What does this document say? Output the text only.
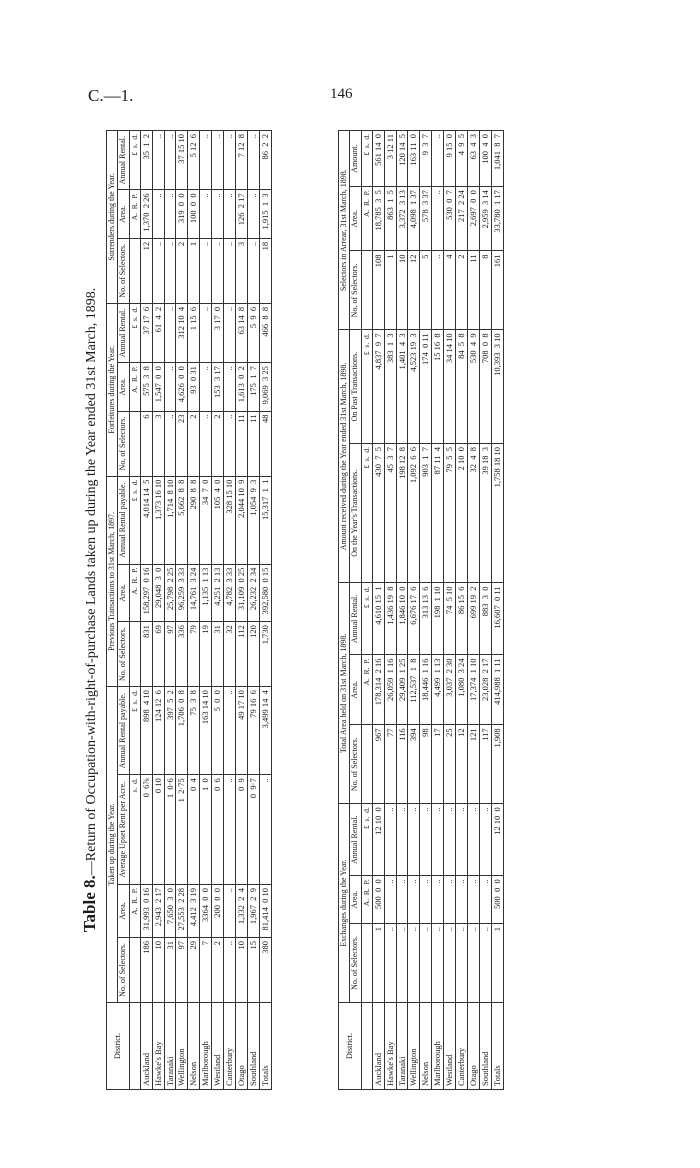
C.—1.	146
Table 8.—Return of Occupation-with-right-of-purchase Lands taken up during the Year ended 31st March, 1898.
District.	Taken up during the Year.				Previous Transactions to 31st March, 1897.			Forfeitures during the Year.			Surrenders during the Year.		
	No. of Selectors.	Area.	Average Upset Rent per Acre.	Annual Rental payable.	No. of Selectors.	Area.	Annual Rental payable.	No. of Selectors.	Area.	Annual Rental.	No. of Selectors.	Area.	Annual Rental.
		A.  R.  P.	s.  d.	£  s.  d.		A.  R.  P.	£  s.  d.		A.  R.  P.	£  s.  d.		A.  R.  P.	£  s.  d.
Auckland	186	31,993  0 16	0  6⅞	898  4 10	831	158,297  0 16	4,014 14  5	6	575  3  8	37 17  6	12	1,370  2 26	35  1  2
Hawke's Bay	10	2,943  2 17	0 10	124 12  6	69	29,048  3  0	1,373 16 10	3	1,547  0  0	61  4  2	..	..	..
Taranaki	31	7,650  3  0	1  0·6	397  5  2	97	25,798  2 25	1,714  8 10	..	..	..	..	..	..
Wellington	97	27,553  2 28	1  2·75	1,706  0  8	336	96,259  3 33	5,662  8  8	23	4,626  0  0	312 10  4	2	319  0  0	37 15 10
Nelson	29	4,412  3 19	0  4	75  3  8	79	14,761  3 24	290  8  8	2	93  0 31	1 15  6	1	100  0  0	5 12  6
Marlborough	7	3364  0  0	1  0	163 14 10	19	1,135  1 13	34  7  0	..	..	..	..	..	..
Westland	2	200  0  0	0  6	5  0  0	31	4,251  2 13	105  4  0	2	153  3 17	3 17  0	..	..	..
Canterbury	..	..	..	..	32	4,782  3 33	328 15 10	..	..	..	..	..	..
Otago	10	1,332  2  4	0  9	49 17 10	112	31,109  0 25	2,044 10  9	11	1,613  0  2	63 14  8	3	126  2 17	7 12  8
Southland	15	1,967  2  9	0  9·7	79 16  6	120	26,232  2 34	1,054  9  3	11	175  1  7	5  9  6	..	..	..
Totals	380	81,414  0 10	..	3,499 14  4	1,730	392,580  0 15	15,317  1  1	48	9,069  3 25	466  8  8	18	1,915  1  3	86  2  2
District.	Exchanges during the Year.			Total Area held on 31st March, 1898.			Amount received during the Year ended 31st March, 1898.		Selectors in Arrear, 31st March, 1898.		
	No. of Selectors.	Area.	Annual Rental.	No. of Selectors.	Area.	Annual Rental.	On the Year's Transactions.	On Past Transactions.	No. of Selectors.	Area.	Amount.
		A.  R.  P.	£  s.  d.		A.  R.  P.	£  s.  d.	£  s.  d.	£  s.  d.		A.  R.  P.	£  s.  d.
Auckland	1	500  0  0	12 10  0	967	178,314  2 16	4,610 15  1	430  7  5	4,837  9  7	108	18,785  3  5	561 14  0
Hawke's Bay	..	..	..	77	26,059  1 16	1,436 19  8	45  3  7	383  1  3	1	863  1  5	3 12 11
Taranaki	..	..	..	116	29,409  1 25	1,846 10  0	198 12  8	1,401  4  3	10	3,372  3 13	120 14  5
Wellington	..	..	..	394	112,537  1  8	6,676 17  6	1,092  6  6	4,523 19  3	12	4,098  1 37	163 11  0
Nelson	..	..	..	98	18,446  1 16	313 13  6	903  1  7	174  0 11	5	578  3 37	9  3  7
Marlborough	..	..	..	17	4,499  1 13	198  1 10	87 11  4	15 16  8	..	..	..
Westland	..	..	..	25	3,037  2 30	74  5 10	79  5  5	34 14 10	4	530  0  7	9 15  0
Canterbury	..	..	..	12	1,080  3 24	86 15  6	2 10  0	84  5  8	2	217  2 24	4  9  5
Otago	..	..	..	121	17,374  1 10	699 19  2	32  4  8	530  4  9	11	2,697  0  0	63  4  3
Southland	..	..	..	117	23,028  2 17	883  3  0	39 18  3	708  0  8	8	2,959  3 14	100  4  0
Totals	1	500  0  0	12 10  0	1,908	414,988  1 11	16,607  0 11	1,758 18 10	10,393  3 10	161	33,780  1 17	1,041  8  7
